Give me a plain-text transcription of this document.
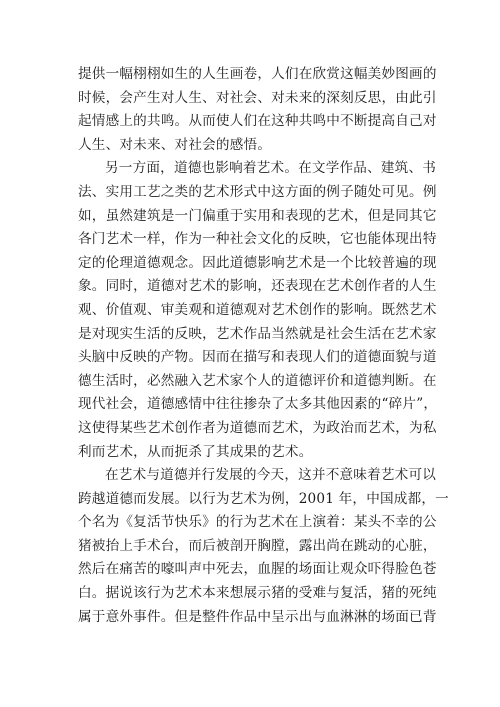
提供一幅栩栩如生的人生画卷，人们在欣赏这幅美妙图画的
时候，会产生对人生、对社会、对未来的深刻反思，由此引
起情感上的共鸣。从而使人们在这种共鸣中不断提高自己对
人生、对未来、对社会的感悟。
另一方面，道德也影响着艺术。在文学作品、建筑、书
法、实用工艺之类的艺术形式中这方面的例子随处可见。例
如，虽然建筑是一门偏重于实用和表现的艺术，但是同其它
各门艺术一样，作为一种社会文化的反映，它也能体现出特
定的伦理道德观念。因此道德影响艺术是一个比较普遍的现
象。同时，道德对艺术的影响，还表现在艺术创作者的人生
观、价值观、审美观和道德观对艺术创作的影响。既然艺术
是对现实生活的反映，艺术作品当然就是社会生活在艺术家
头脑中反映的产物。因而在描写和表现人们的道德面貌与道
德生活时，必然融入艺术家个人的道德评价和道德判断。在
现代社会，道德感情中往往掺杂了太多其他因素的“碎片”，
这使得某些艺术创作者为道德而艺术，为政治而艺术，为私
利而艺术，从而扼杀了其成果的艺术。
在艺术与道德并行发展的今天，这并不意味着艺术可以
跨越道德而发展。以行为艺术为例，2001 年，中国成都，一
个名为《复活节快乐》的行为艺术在上演着：某头不幸的公
猪被抬上手术台，而后被剖开胸膛，露出尚在跳动的心脏，
然后在痛苦的嚎叫声中死去，血腥的场面让观众吓得脸色苍
白。据说该行为艺术本来想展示猪的受难与复活，猪的死纯
属于意外事件。但是整件作品中呈示出与血淋淋的场面已背
